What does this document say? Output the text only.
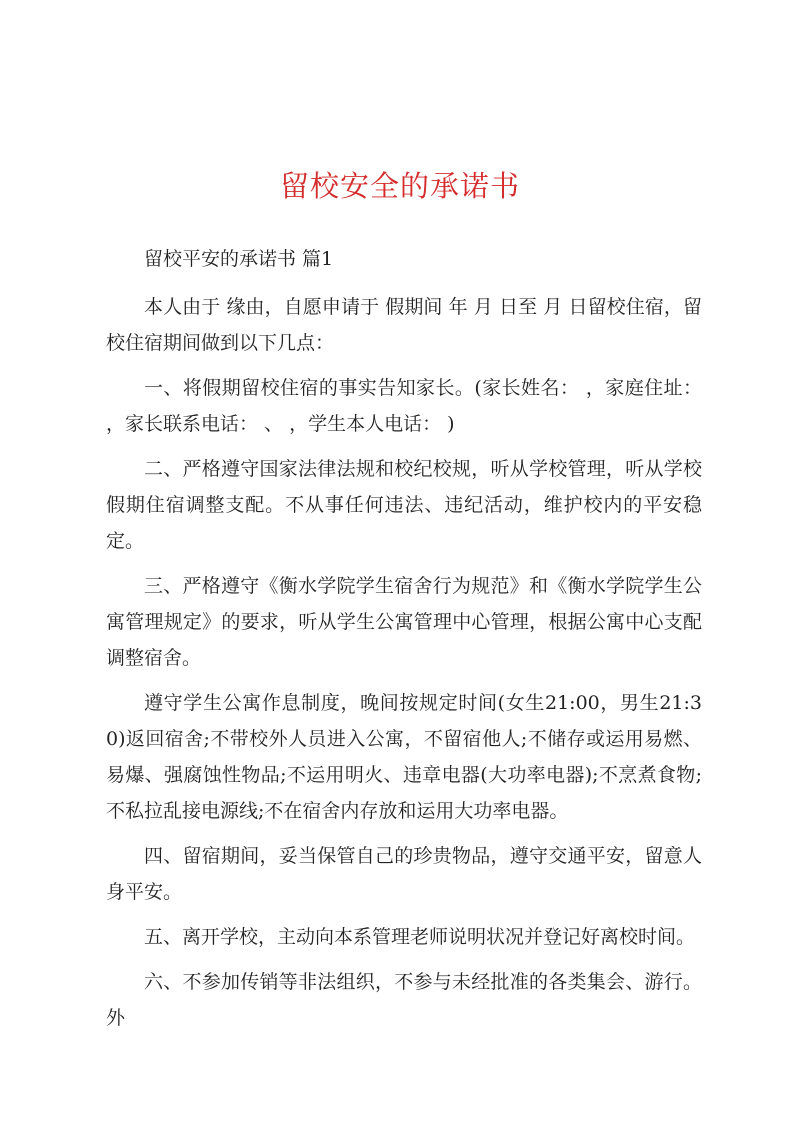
留校安全的承诺书

留校平安的承诺书 篇1

本人由于 缘由，自愿申请于 假期间 年 月 日至 月 日留校住宿，留校住宿期间做到以下几点：

一、将假期留校住宿的事实告知家长。(家长姓名： ，家庭住址： ，家长联系电话： 、 ，学生本人电话： )

二、严格遵守国家法律法规和校纪校规，听从学校管理，听从学校假期住宿调整支配。不从事任何违法、违纪活动，维护校内的平安稳定。

三、严格遵守《衡水学院学生宿舍行为规范》和《衡水学院学生公寓管理规定》的要求，听从学生公寓管理中心管理，根据公寓中心支配调整宿舍。

遵守学生公寓作息制度，晚间按规定时间(女生21:00，男生21:30)返回宿舍;不带校外人员进入公寓，不留宿他人;不储存或运用易燃、易爆、强腐蚀性物品;不运用明火、违章电器(大功率电器);不烹煮食物;不私拉乱接电源线;不在宿舍内存放和运用大功率电器。

四、留宿期间，妥当保管自己的珍贵物品，遵守交通平安，留意人身平安。

五、离开学校，主动向本系管理老师说明状况并登记好离校时间。

六、不参加传销等非法组织，不参与未经批准的各类集会、游行。外
